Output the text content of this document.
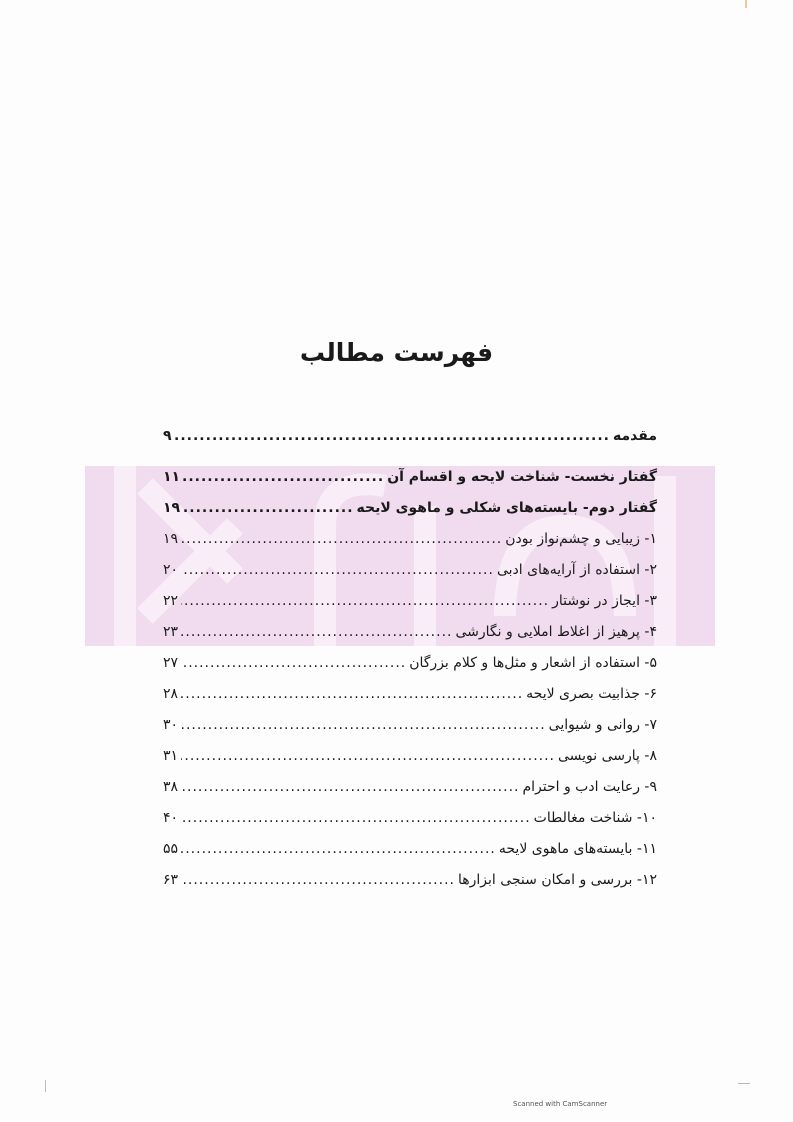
فهرست مطالب
مقدمه
.....
۹
گفتار نخست- شناخت لایحه و اقسام آن
.....
۱۱
گفتار دوم- بایسته‌های شکلی و ماهوی لایحه
.....
۱۹
۱- زیبایی و چشم‌نواز بودن
.....
۱۹
۲- استفاده از آرایه‌های ادبی
.....
۲۰
۳- ایجاز در نوشتار
.....
۲۲
۴- پرهیز از اغلاط املایی و نگارشی
.....
۲۳
۵- استفاده از اشعار و مثل‌ها و کلام بزرگان
.....
۲۷
۶- جذابیت بصری لایحه
.....
۲۸
۷- روانی و شیوایی
.....
۳۰
۸- پارسی نویسی
.....
۳۱
۹- رعایت ادب و احترام
.....
۳۸
۱۰- شناخت مغالطات
.....
۴۰
۱۱- بایسته‌های ماهوی لایحه
.....
۵۵
۱۲- بررسی و امکان سنجی ابزارها
.....
۶۳
Scanned with CamScanner
